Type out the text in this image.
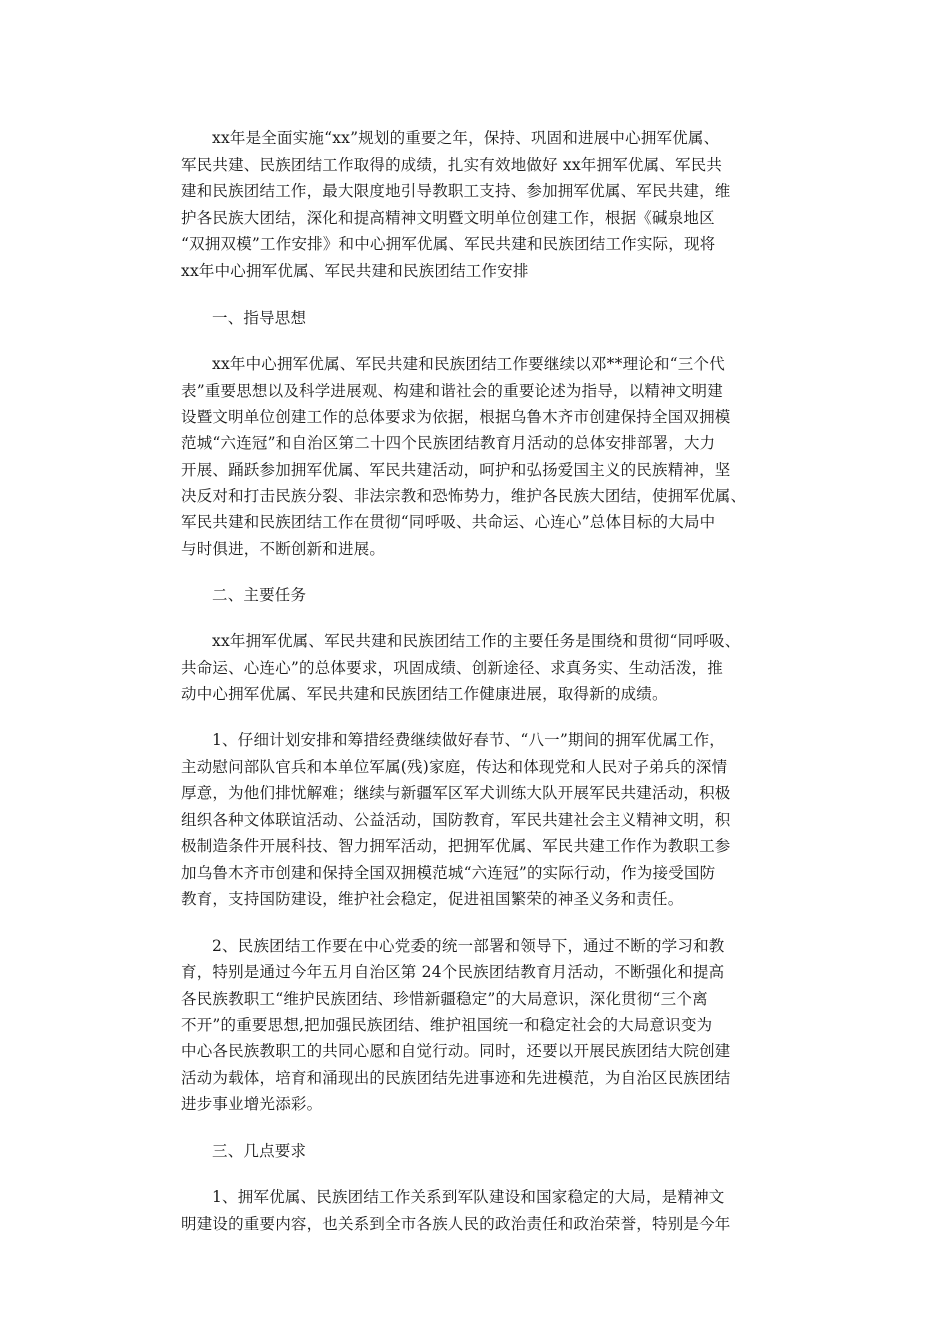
xx年是全面实施“xx”规划的重要之年，保持、巩固和进展中心拥军优属、
军民共建、民族团结工作取得的成绩，扎实有效地做好 xx年拥军优属、军民共
建和民族团结工作，最大限度地引导教职工支持、参加拥军优属、军民共建，维
护各民族大团结，深化和提高精神文明暨文明单位创建工作，根据《碱泉地区
“双拥双模”工作安排》和中心拥军优属、军民共建和民族团结工作实际，现将
xx年中心拥军优属、军民共建和民族团结工作安排
一、指导思想
xx年中心拥军优属、军民共建和民族团结工作要继续以邓**理论和“三个代
表”重要思想以及科学进展观、构建和谐社会的重要论述为指导，以精神文明建
设暨文明单位创建工作的总体要求为依据，根据乌鲁木齐市创建保持全国双拥模
范城“六连冠”和自治区第二十四个民族团结教育月活动的总体安排部署，大力
开展、踊跃参加拥军优属、军民共建活动，呵护和弘扬爱国主义的民族精神，坚
决反对和打击民族分裂、非法宗教和恐怖势力，维护各民族大团结，使拥军优属、
军民共建和民族团结工作在贯彻“同呼吸、共命运、心连心”总体目标的大局中
与时俱进，不断创新和进展。
二、主要任务
xx年拥军优属、军民共建和民族团结工作的主要任务是围绕和贯彻“同呼吸、
共命运、心连心”的总体要求，巩固成绩、创新途径、求真务实、生动活泼，推
动中心拥军优属、军民共建和民族团结工作健康进展，取得新的成绩。
1、仔细计划安排和筹措经费继续做好春节、“八一”期间的拥军优属工作，
主动慰问部队官兵和本单位军属(残)家庭，传达和体现党和人民对子弟兵的深情
厚意，为他们排忧解难；继续与新疆军区军犬训练大队开展军民共建活动，积极
组织各种文体联谊活动、公益活动，国防教育，军民共建社会主义精神文明，积
极制造条件开展科技、智力拥军活动，把拥军优属、军民共建工作作为教职工参
加乌鲁木齐市创建和保持全国双拥模范城“六连冠”的实际行动，作为接受国防
教育，支持国防建设，维护社会稳定，促进祖国繁荣的神圣义务和责任。
2、民族团结工作要在中心党委的统一部署和领导下，通过不断的学习和教
育，特别是通过今年五月自治区第 24个民族团结教育月活动，不断强化和提高
各民族教职工“维护民族团结、珍惜新疆稳定”的大局意识，深化贯彻“三个离
不开”的重要思想,把加强民族团结、维护祖国统一和稳定社会的大局意识变为
中心各民族教职工的共同心愿和自觉行动。同时，还要以开展民族团结大院创建
活动为载体，培育和涌现出的民族团结先进事迹和先进模范，为自治区民族团结
进步事业增光添彩。
三、几点要求
1、拥军优属、民族团结工作关系到军队建设和国家稳定的大局，是精神文
明建设的重要内容，也关系到全市各族人民的政治责任和政治荣誉，特别是今年
